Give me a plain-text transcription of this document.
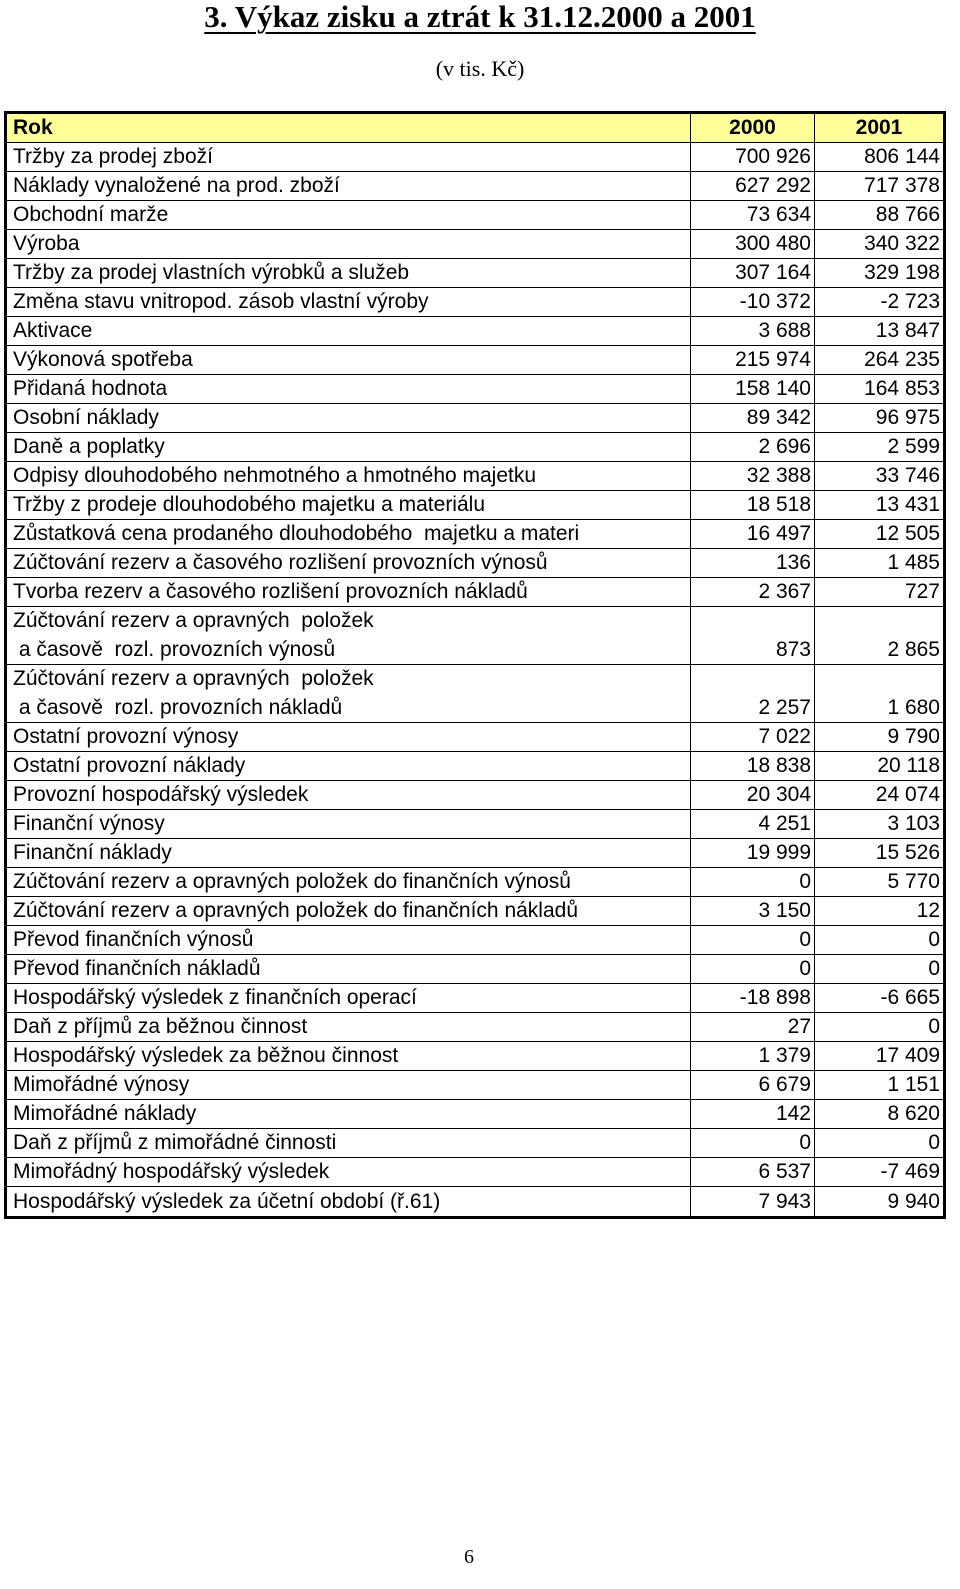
3. Výkaz zisku a ztrát k 31.12.2000 a 2001
(v tis. Kč)
Rok	2000	2001
Tržby za prodej zboží	700 926	806 144
Náklady vynaložené na prod. zboží	627 292	717 378
Obchodní marže	73 634	88 766
Výroba	300 480	340 322
Tržby za prodej vlastních výrobků a služeb	307 164	329 198
Změna stavu vnitropod. zásob vlastní výroby	-10 372	-2 723
Aktivace	3 688	13 847
Výkonová spotřeba	215 974	264 235
Přidaná hodnota	158 140	164 853
Osobní náklady	89 342	96 975
Daně a poplatky	2 696	2 599
Odpisy dlouhodobého nehmotného a hmotného majetku	32 388	33 746
Tržby z prodeje dlouhodobého majetku a materiálu	18 518	13 431
Zůstatková cena prodaného dlouhodobého  majetku a materi	16 497	12 505
Zúčtování rezerv a časového rozlišení provozních výnosů	136	1 485
Tvorba rezerv a časového rozlišení provozních nákladů	2 367	727
Zúčtování rezerv a opravných  položek
a časově  rozl. provozních výnosů	873	2 865
Zúčtování rezerv a opravných  položek
a časově  rozl. provozních nákladů	2 257	1 680
Ostatní provozní výnosy	7 022	9 790
Ostatní provozní náklady	18 838	20 118
Provozní hospodářský výsledek	20 304	24 074
Finanční výnosy	4 251	3 103
Finanční náklady	19 999	15 526
Zúčtování rezerv a opravných položek do finančních výnosů	0	5 770
Zúčtování rezerv a opravných položek do finančních nákladů	3 150	12
Převod finančních výnosů	0	0
Převod finančních nákladů	0	0
Hospodářský výsledek z finančních operací	-18 898	-6 665
Daň z příjmů za běžnou činnost	27	0
Hospodářský výsledek za běžnou činnost	1 379	17 409
Mimořádné výnosy	6 679	1 151
Mimořádné náklady	142	8 620
Daň z příjmů z mimořádné činnosti	0	0
Mimořádný hospodářský výsledek	6 537	-7 469
Hospodářský výsledek za účetní období (ř.61)	7 943	9 940
6
